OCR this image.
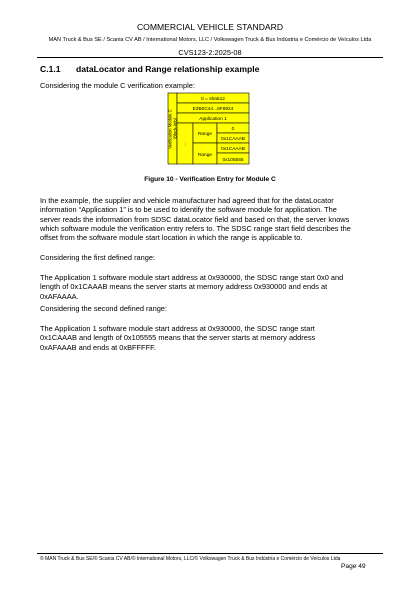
COMMERCIAL VEHICLE STANDARD
MAN Truck & Bus SE / Scania CV AB / International Motors, LLC / Volkswagen Truck & Bus Indústria e Comércio de Veículos Ltda
CVS123-2:2025-08
C.1.1 dataLocator and Range relationship example
Considering the module C verification example:
Verification Module C (Block-Info)
0 = sha512
E3B0C44...6F8924
Application 1
...
Range
0
0x1CAAAB
Range
0x1CAAAB
0x105555
Figure 10 - Verification Entry for Module C
In the example, the supplier and vehicle manufacturer had agreed that for the dataLocator
information “Application 1” is to be used to identify the software module for application. The
server reads the information from SDSC dataLocator field and based on that, the server knows
which software module the verification entry refers to. The SDSC range start field describes the
offset from the software module start location in which the range is applicable to.
Considering the first defined range:
The Application 1 software module start address at 0x930000, the SDSC range start 0x0 and
length of 0x1CAAAB means the server starts at memory address 0x930000 and ends at
0xAFAAAA.
Considering the second defined range:
The Application 1 software module start address at 0x930000, the SDSC range start
0x1CAAAB and length of 0x105555 means that the server starts at memory address
0xAFAAAB and ends at 0xBFFFFF.
© MAN Truck & Bus SE/© Scania CV AB/© International Motors, LLC/© Volkswagen Truck & Bus Indústria e Comércio de Veículos Ltda
Page 49
